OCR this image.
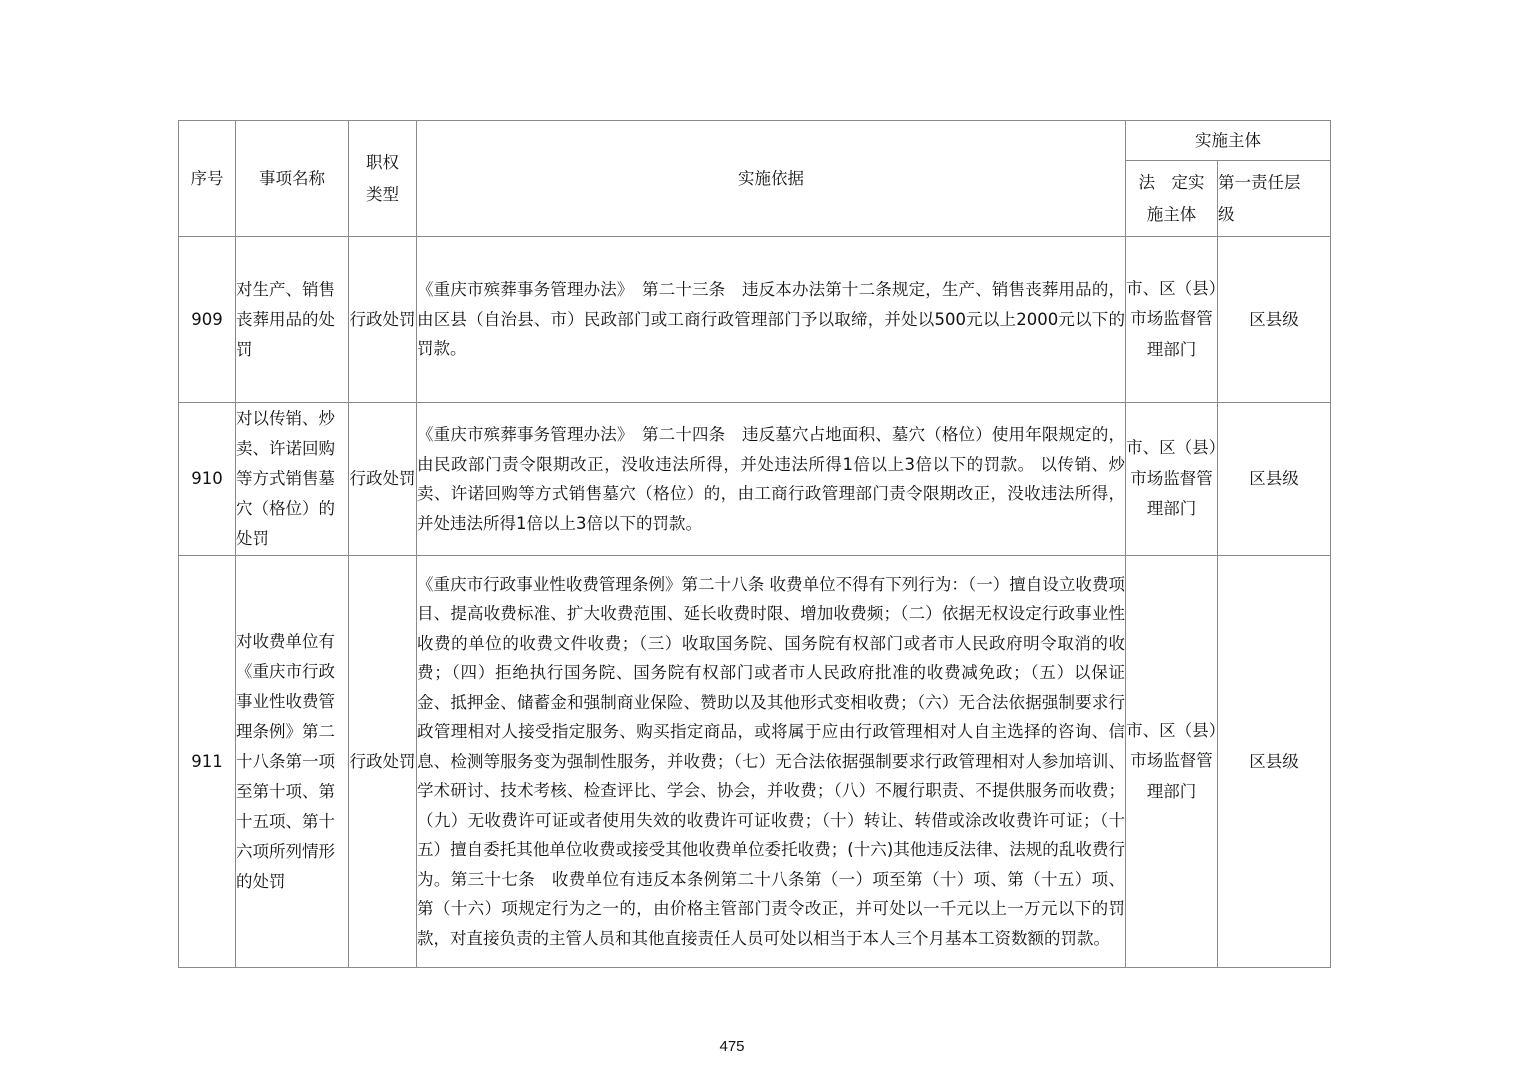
序号	事项名称	职权类型	实施依据	实施主体	

				法　定实施主体	第一责任层级

909	对生产、销售丧葬用品的处罚	行政处罚	《重庆市殡葬事务管理办法》　第二十三条　违反本办法第十二条规定，生产、销售丧葬用品的，由区县（自治县、市）民政部门或工商行政管理部门予以取缔，并处以500元以上2000元以下的罚款。	市、区（县）市场监督管理部门	区县级
910	对以传销、炒卖、许诺回购等方式销售墓穴（格位）的处罚	行政处罚	《重庆市殡葬事务管理办法》　第二十四条　违反墓穴占地面积、墓穴（格位）使用年限规定的，由民政部门责令限期改正，没收违法所得，并处违法所得1倍以上3倍以下的罚款。 以传销、炒卖、许诺回购等方式销售墓穴（格位）的，由工商行政管理部门责令限期改正，没收违法所得，并处违法所得1倍以上3倍以下的罚款。	市、区（县）市场监督管理部门	区县级
911	对收费单位有《重庆市行政事业性收费管理条例》第二十八条第一项至第十项、第十五项、第十六项所列情形的处罚	行政处罚	《重庆市行政事业性收费管理条例》第二十八条 收费单位不得有下列行为：（一）擅自设立收费项目、提高收费标准、扩大收费范围、延长收费时限、增加收费频；（二）依据无权设定行政事业性收费的单位的收费文件收费；（三）收取国务院、国务院有权部门或者市人民政府明令取消的收费；（四）拒绝执行国务院、国务院有权部门或者市人民政府批准的收费减免政；（五）以保证金、抵押金、储蓄金和强制商业保险、赞助以及其他形式变相收费；（六）无合法依据强制要求行政管理相对人接受指定服务、购买指定商品，或将属于应由行政管理相对人自主选择的咨询、信息、检测等服务变为强制性服务，并收费；（七）无合法依据强制要求行政管理相对人参加培训、学术研讨、技术考核、检查评比、学会、协会，并收费；（八）不履行职责、不提供服务而收费；（九）无收费许可证或者使用失效的收费许可证收费；（十）转让、转借或涂改收费许可证；（十五）擅自委托其他单位收费或接受其他收费单位委托收费；(十六)其他违反法律、法规的乱收费行为。第三十七条　收费单位有违反本条例第二十八条第（一）项至第（十）项、第（十五）项、第（十六）项规定行为之一的，由价格主管部门责令改正，并可处以一千元以上一万元以下的罚款，对直接负责的主管人员和其他直接责任人员可处以相当于本人三个月基本工资数额的罚款。	市、区（县）市场监督管理部门	区县级
475
